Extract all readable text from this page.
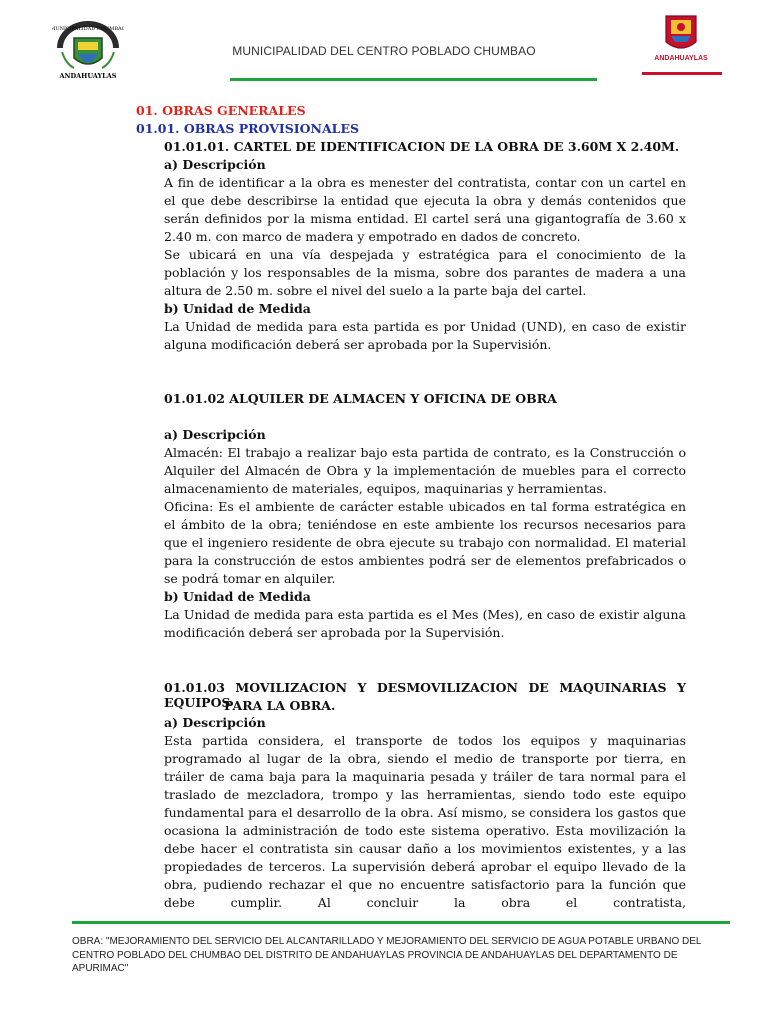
MUNICIPALIDAD CHUMBAO
ANDAHUAYLAS
MUNICIPALIDAD DEL CENTRO POBLADO CHUMBAO
ANDAHUAYLAS
01. OBRAS GENERALES
01.01. OBRAS PROVISIONALES
01.01.01. CARTEL DE IDENTIFICACION DE LA OBRA DE 3.60M X 2.40M.
a) Descripción
A fin de identificar a la obra es menester del contratista, contar con un cartel en el que debe describirse la entidad que ejecuta la obra y demás contenidos que serán definidos por la misma entidad. El cartel será una gigantografía de 3.60 x 2.40 m. con marco de madera y empotrado en dados de concreto.
Se ubicará en una vía despejada y estratégica para el conocimiento de la población y los responsables de la misma, sobre dos parantes de madera a una altura de 2.50 m. sobre el nivel del suelo a la parte baja del cartel.
b) Unidad de Medida
La Unidad de medida para esta partida es por Unidad (UND), en caso de existir alguna modificación deberá ser aprobada por la Supervisión.
01.01.02 ALQUILER DE ALMACEN Y OFICINA DE OBRA
a) Descripción
Almacén: El trabajo a realizar bajo esta partida de contrato, es la Construcción o Alquiler del Almacén de Obra y la implementación de muebles para el correcto almacenamiento de materiales, equipos, maquinarias y herramientas.
Oficina: Es el ambiente de carácter estable ubicados en tal forma estratégica en el ámbito de la obra; teniéndose en este ambiente los recursos necesarios para que el ingeniero residente de obra ejecute su trabajo con normalidad. El material para la construcción de estos ambientes podrá ser de elementos prefabricados o se podrá tomar en alquiler.
b) Unidad de Medida
La Unidad de medida para esta partida es el Mes (Mes), en caso de existir alguna modificación deberá ser aprobada por la Supervisión.
01.01.03 MOVILIZACION Y DESMOVILIZACION DE MAQUINARIAS Y EQUIPOS
PARA LA OBRA.
a) Descripción
Esta partida considera, el transporte de todos los equipos y maquinarias programado al lugar de la obra, siendo el medio de transporte por tierra, en tráiler de cama baja para la maquinaria pesada y tráiler de tara normal para el traslado de mezcladora, trompo y las herramientas, siendo todo este equipo fundamental para el desarrollo de la obra. Así mismo, se considera los gastos que ocasiona la administración de todo este sistema operativo. Esta movilización la debe hacer el contratista sin causar daño a los movimientos existentes, y a las propiedades de terceros. La supervisión deberá aprobar el equipo llevado de la obra, pudiendo rechazar el que no encuentre satisfactorio para la función que debe cumplir. Al concluir la obra el contratista,
OBRA: "MEJORAMIENTO DEL SERVICIO DEL ALCANTARILLADO Y MEJORAMIENTO DEL SERVICIO DE AGUA POTABLE URBANO DEL CENTRO POBLADO DEL CHUMBAO DEL DISTRITO DE ANDAHUAYLAS PROVINCIA DE ANDAHUAYLAS DEL DEPARTAMENTO DE APURIMAC"
